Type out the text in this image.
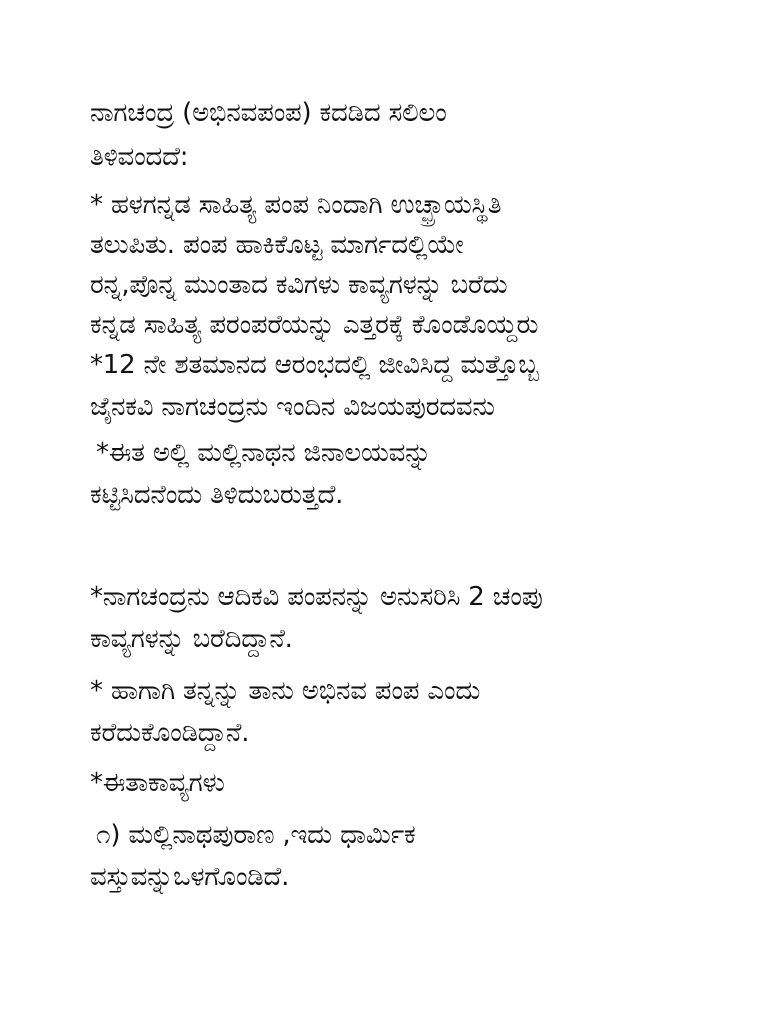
ನಾಗಚಂದ್ರ (ಅಭಿನವಪಂಪ) ಕದಡಿದ ಸಲಿಲಂ
ತಿಳಿವಂದದೆ:
* ಹಳಗನ್ನಡ ಸಾಹಿತ್ಯ ಪಂಪ ನಿಂದಾಗಿ ಉಚ್ಛ್ರಾಯಸ್ಥಿತಿ
ತಲುಪಿತು. ಪಂಪ ಹಾಕಿಕೊಟ್ಟ ಮಾರ್ಗದಲ್ಲಿಯೇ
ರನ್ನ,ಪೊನ್ನ ಮುಂತಾದ ಕವಿಗಳು ಕಾವ್ಯಗಳನ್ನು ಬರೆದು
ಕನ್ನಡ ಸಾಹಿತ್ಯ ಪರಂಪರೆಯನ್ನು ಎತ್ತರಕ್ಕೆ ಕೊಂಡೊಯ್ದರು
*12 ನೇ ಶತಮಾನದ ಆರಂಭದಲ್ಲಿ ಜೀವಿಸಿದ್ದ ಮತ್ತೊಬ್ಬ
ಜೈನಕವಿ ನಾಗಚಂದ್ರನು ಇಂದಿನ ವಿಜಯಪುರದವನು
*ಈತ ಅಲ್ಲಿ ಮಲ್ಲಿನಾಥನ ಜಿನಾಲಯವನ್ನು
ಕಟ್ಟಿಸಿದನೆಂದು ತಿಳಿದುಬರುತ್ತದೆ.
*ನಾಗಚಂದ್ರನು ಆದಿಕವಿ ಪಂಪನನ್ನು ಅನುಸರಿಸಿ 2 ಚಂಪು
ಕಾವ್ಯಗಳನ್ನು ಬರೆದಿದ್ದಾನೆ.
* ಹಾಗಾಗಿ ತನ್ನನ್ನು ತಾನು ಅಭಿನವ ಪಂಪ ಎಂದು
ಕರೆದುಕೊಂಡಿದ್ದಾನೆ.
*ಈತಾಕಾವ್ಯಗಳು
೧) ಮಲ್ಲಿನಾಥಪುರಾಣ ,ಇದು ಧಾರ್ಮಿಕ
ವಸ್ತುವನ್ನುಒಳಗೊಂಡಿದೆ.
